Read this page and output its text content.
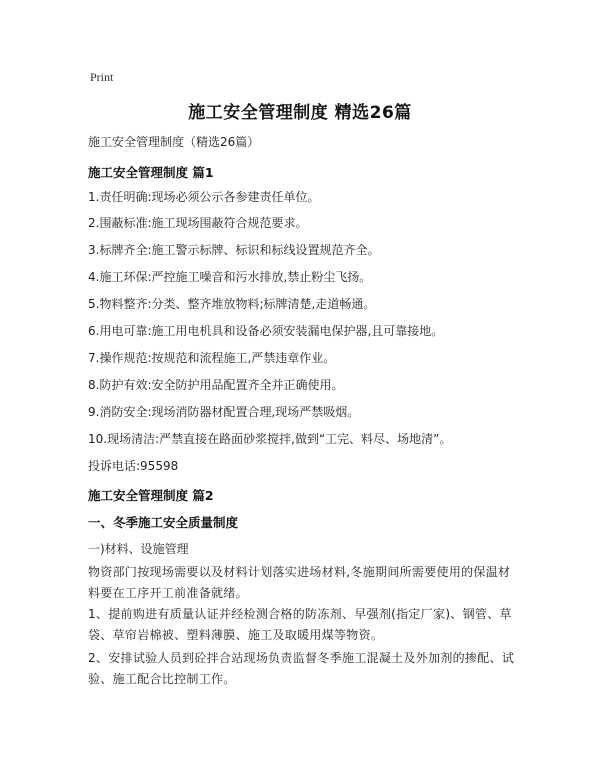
Print
施工安全管理制度 精选26篇
施工安全管理制度（精选26篇）
施工安全管理制度 篇1
1.责任明确:现场必须公示各参建责任单位。
2.围蔽标准:施工现场围蔽符合规范要求。
3.标牌齐全:施工警示标牌、标识和标线设置规范齐全。
4.施工环保:严控施工噪音和污水排放,禁止粉尘飞扬。
5.物料整齐:分类、整齐堆放物料;标牌清楚,走道畅通。
6.用电可靠:施工用电机具和设备必须安装漏电保护器,且可靠接地。
7.操作规范:按规范和流程施工,严禁违章作业。
8.防护有效:安全防护用品配置齐全并正确使用。
9.消防安全:现场消防器材配置合理,现场严禁吸烟。
10.现场清洁:严禁直接在路面砂浆搅拌,做到“工完、料尽、场地清”。
投诉电话:95598
施工安全管理制度 篇2
一、冬季施工安全质量制度
一)材料、设施管理
物资部门按现场需要以及材料计划落实进场材料,冬施期间所需要使用的保温材料要在工序开工前准备就绪。
1、提前购进有质量认证并经检测合格的防冻剂、早强剂(指定厂家)、钢管、草袋、草帘岩棉被、塑料薄膜、施工及取暖用煤等物资。
2、安排试验人员到砼拌合站现场负责监督冬季施工混凝土及外加剂的掺配、试验、施工配合比控制工作。
